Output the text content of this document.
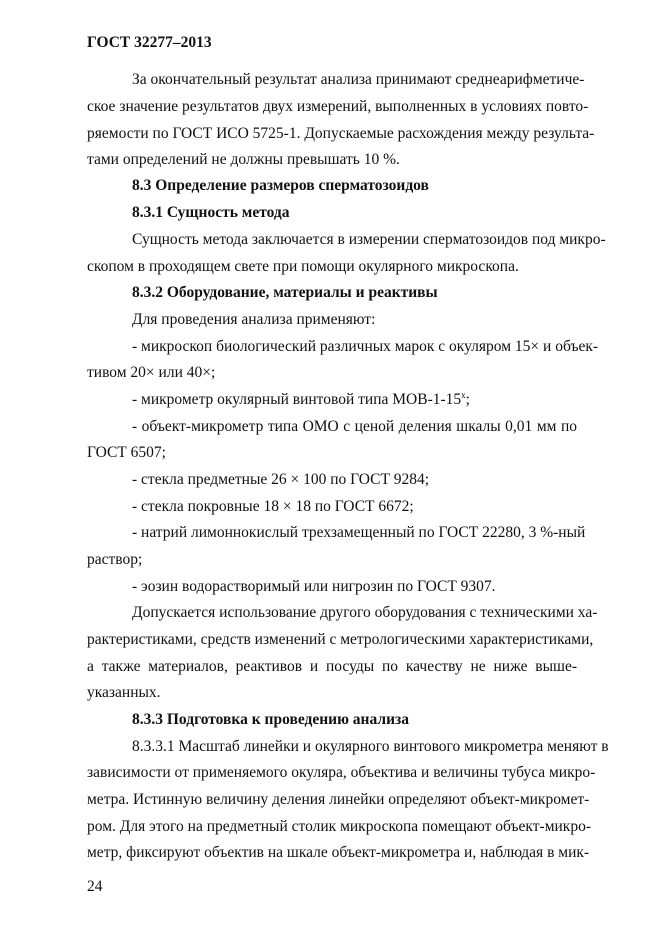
ГОСТ 32277–2013
За окончательный результат анализа принимают среднеарифметиче-
ское значение результатов двух измерений, выполненных в условиях повто-
ряемости по ГОСТ ИСО 5725-1. Допускаемые расхождения между результа-
тами определений не должны превышать 10 %.
8.3 Определение размеров сперматозоидов
8.3.1 Сущность метода
Сущность метода заключается в измерении сперматозоидов под микро-
скопом в проходящем свете при помощи окулярного микроскопа.
8.3.2 Оборудование, материалы и реактивы
Для проведения анализа применяют:
- микроскоп биологический различных марок с окуляром 15× и объек-
тивом 20× или 40×;
- микрометр окулярный винтовой типа МОВ-$1-15^х$;
- объект-микрометр типа ОМО с ценой деления шкалы 0,01 мм по
ГОСТ 6507;
- стекла предметные 26 × 100 по ГОСТ 9284;
- стекла покровные 18 × 18 по ГОСТ 6672;
- натрий лимоннокислый трехзамещенный по ГОСТ 22280, 3 %-ный
раствор;
- эозин водорастворимый или нигрозин по ГОСТ 9307.
Допускается использование другого оборудования с техническими ха-
рактеристиками, средств изменений с метрологическими характеристиками,
а также материалов, реактивов и посуды по качеству не ниже выше-
указанных.
8.3.3 Подготовка к проведению анализа
8.3.3.1 Масштаб линейки и окулярного винтового микрометра меняют в
зависимости от применяемого окуляра, объектива и величины тубуса микро-
метра. Истинную величину деления линейки определяют объект-микромет-
ром. Для этого на предметный столик микроскопа помещают объект-микро-
метр, фиксируют объектив на шкале объект-микрометра и, наблюдая в мик-
24
